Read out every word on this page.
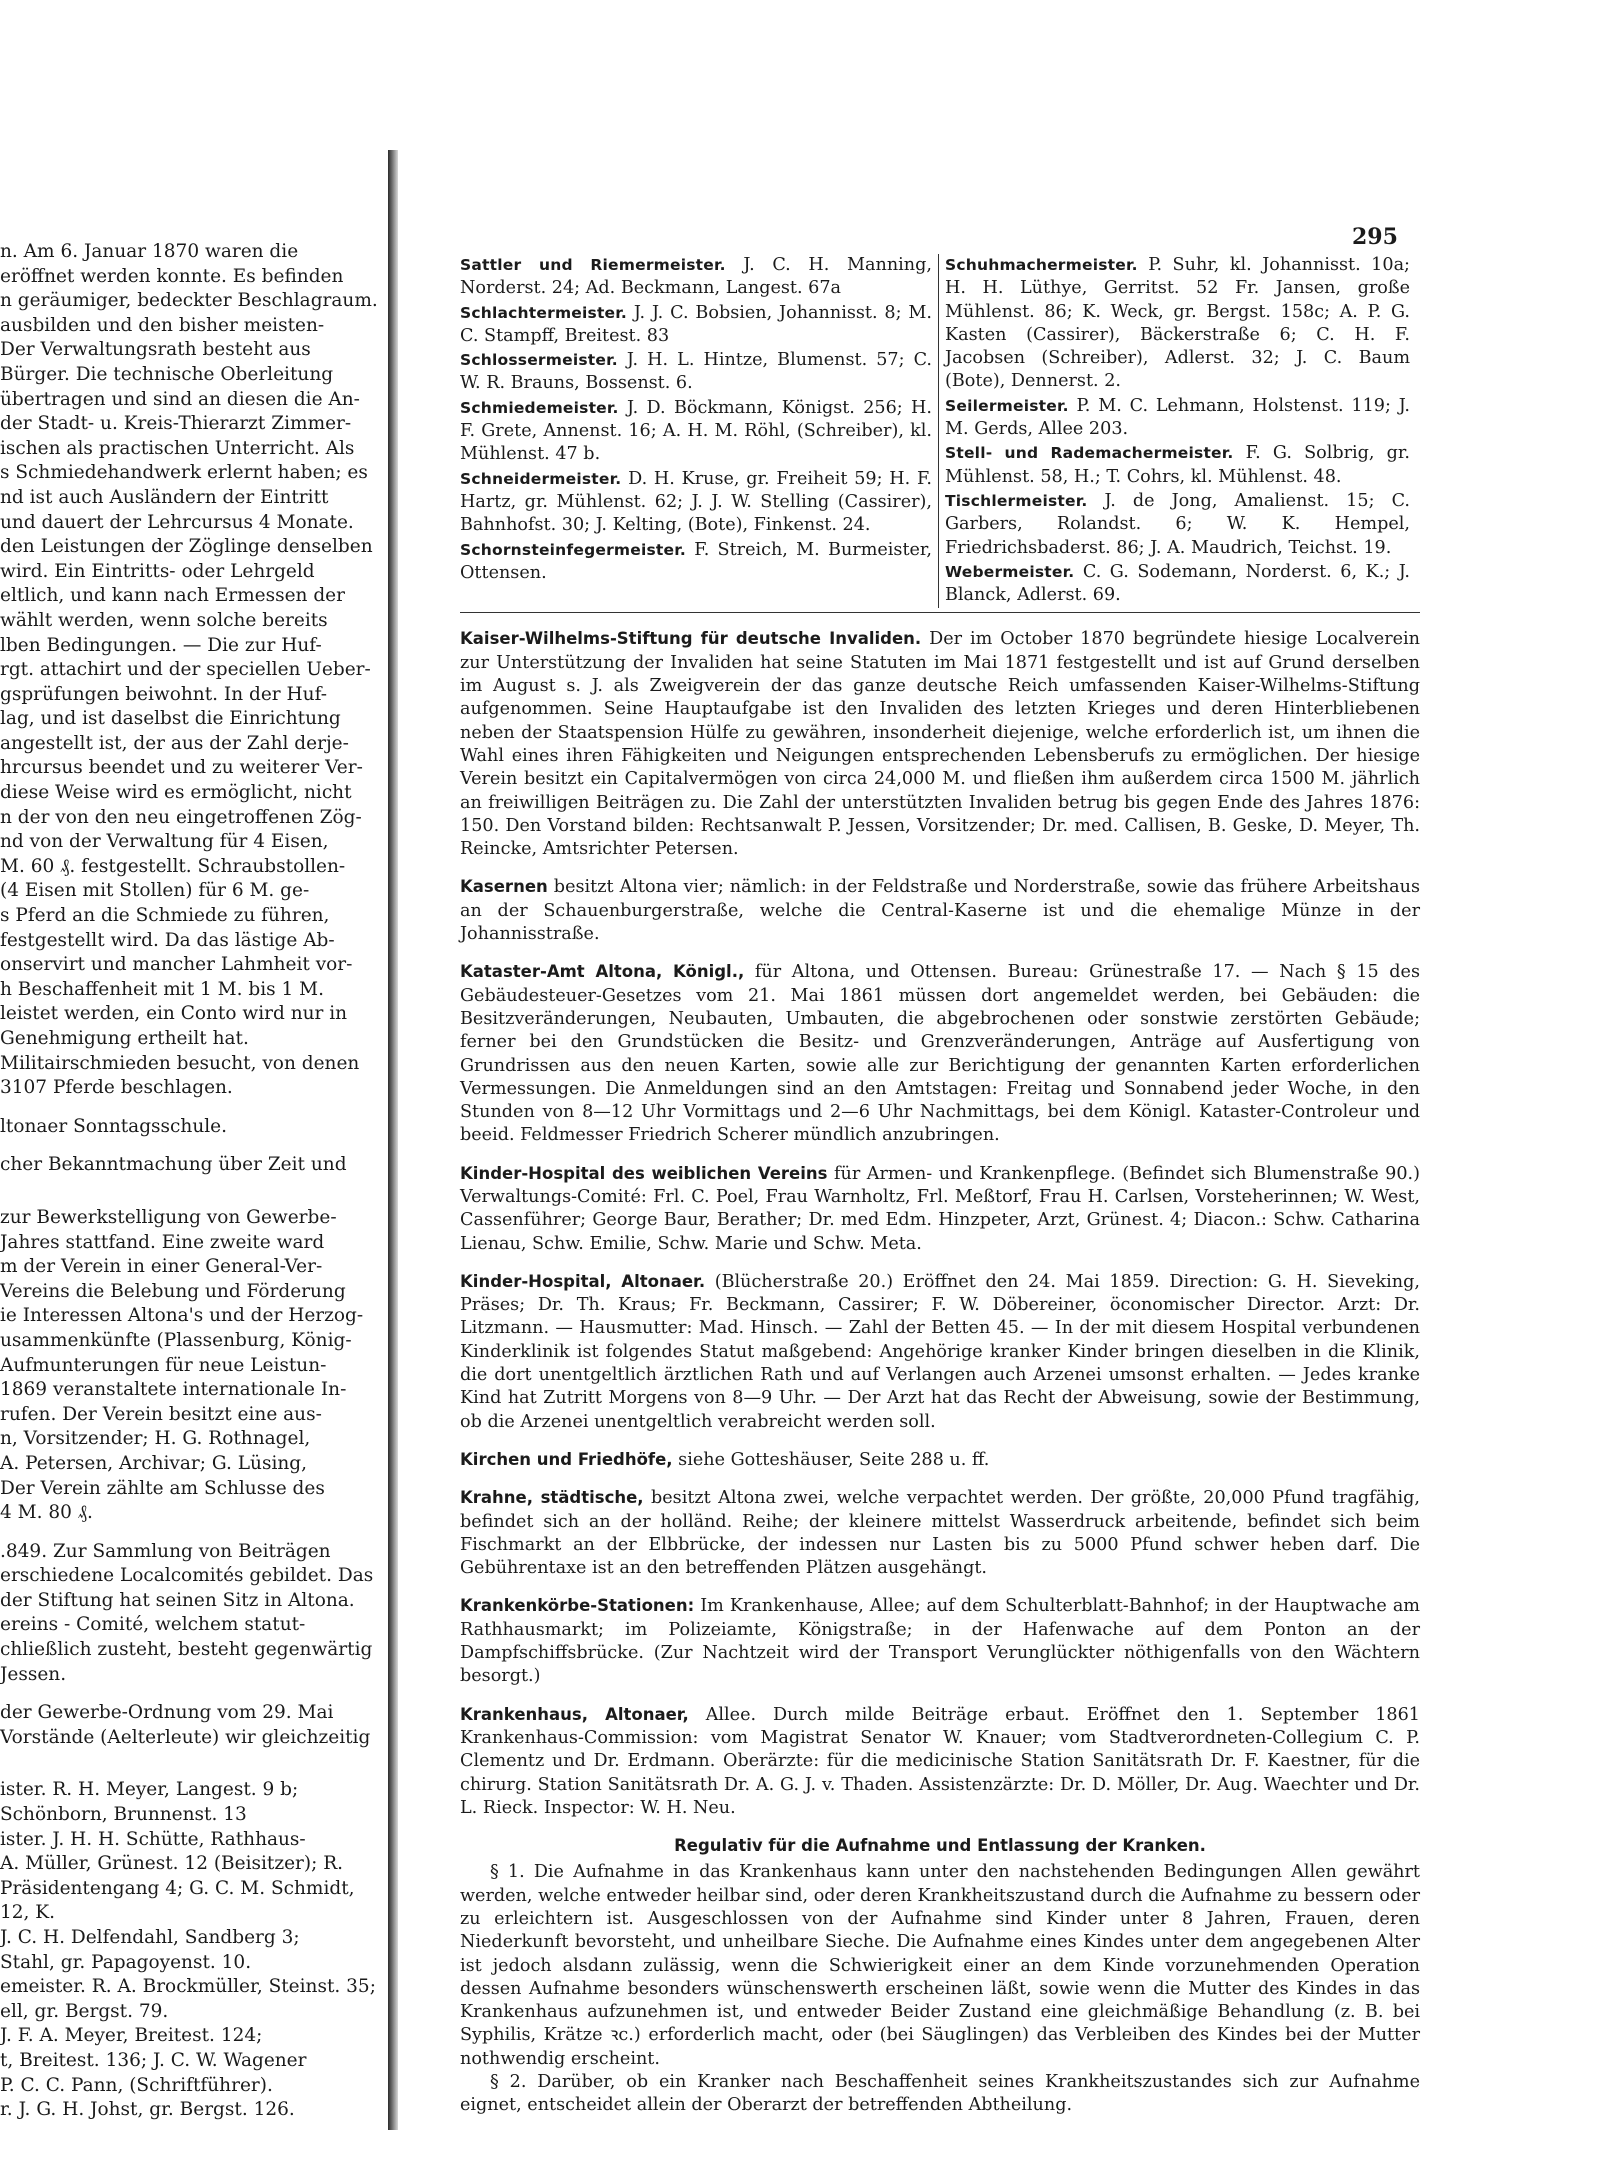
n. Am 6. Januar 1870 waren die
eröffnet werden konnte. Es befinden
n geräumiger, bedeckter Beschlagraum.
ausbilden und den bisher meisten-
Der Verwaltungsrath besteht aus
Bürger. Die technische Oberleitung
übertragen und sind an diesen die An-
der Stadt- u. Kreis-Thierarzt Zimmer-
ischen als practischen Unterricht. Als
s Schmiedehandwerk erlernt haben; es
nd ist auch Ausländern der Eintritt
und dauert der Lehrcursus 4 Monate.
den Leistungen der Zöglinge denselben
wird. Ein Eintritts- oder Lehrgeld
eltlich, und kann nach Ermessen der
wählt werden, wenn solche bereits
lben Bedingungen. — Die zur Huf-
rgt. attachirt und der speciellen Ueber-
gsprüfungen beiwohnt. In der Huf-
lag, und ist daselbst die Einrichtung
angestellt ist, der aus der Zahl derje-
hrcursus beendet und zu weiterer Ver-
diese Weise wird es ermöglicht, nicht
n der von den neu eingetroffenen Zög-
nd von der Verwaltung für 4 Eisen,
M. 60 ₰. festgestellt. Schraubstollen-
(4 Eisen mit Stollen) für 6 M. ge-
s Pferd an die Schmiede zu führen,
festgestellt wird. Da das lästige Ab-
onservirt und mancher Lahmheit vor-
h Beschaffenheit mit 1 M. bis 1 M.
leistet werden, ein Conto wird nur in
Genehmigung ertheilt hat.
Militairschmieden besucht, von denen
3107 Pferde beschlagen.
ltonaer Sonntagsschule.
cher Bekanntmachung über Zeit und
zur Bewerkstelligung von Gewerbe-
Jahres stattfand. Eine zweite ward
m der Verein in einer General-Ver-
Vereins die Belebung und Förderung
ie Interessen Altona's und der Herzog-
usammenkünfte (Plassenburg, König-
Aufmunterungen für neue Leistun-
1869 veranstaltete internationale In-
rufen. Der Verein besitzt eine aus-
n, Vorsitzender; H. G. Rothnagel,
A. Petersen, Archivar; G. Lüsing,
Der Verein zählte am Schlusse des
4 M. 80 ₰.
.849. Zur Sammlung von Beiträgen
erschiedene Localcomités gebildet. Das
der Stiftung hat seinen Sitz in Altona.
ereins - Comité, welchem statut-
chließlich zusteht, besteht gegenwärtig
Jessen.
der Gewerbe-Ordnung vom 29. Mai
Vorstände (Aelterleute) wir gleichzeitig
ister. R. H. Meyer, Langest. 9 b;
Schönborn, Brunnenst. 13
ister. J. H. H. Schütte, Rathhaus-
A. Müller, Grünest. 12 (Beisitzer); R.
Präsidentengang 4; G. C. M. Schmidt,
12, K.
J. C. H. Delfendahl, Sandberg 3;
Stahl, gr. Papagoyenst. 10.
emeister. R. A. Brockmüller, Steinst. 35;
ell, gr. Bergst. 79.
J. F. A. Meyer, Breitest. 124;
t, Breitest. 136; J. C. W. Wagener
P. C. C. Pann, (Schriftführer).
r. J. G. H. Johst, gr. Bergst. 126.
295
Sattler und Riemermeister. J. C. H. Manning, Norderst. 24; Ad. Beckmann, Langest. 67a
Schlachtermeister. J. J. C. Bobsien, Johannisst. 8; M. C. Stampff, Breitest. 83
Schlossermeister. J. H. L. Hintze, Blumenst. 57; C. W. R. Brauns, Bossenst. 6.
Schmiedemeister. J. D. Böckmann, Königst. 256; H. F. Grete, Annenst. 16; A. H. M. Röhl, (Schreiber), kl. Mühlenst. 47 b.
Schneidermeister. D. H. Kruse, gr. Freiheit 59; H. F. Hartz, gr. Mühlenst. 62; J. J. W. Stelling (Cassirer), Bahnhofst. 30; J. Kelting, (Bote), Finkenst. 24.
Schornsteinfegermeister. F. Streich, M. Burmeister, Ottensen.
Schuhmachermeister. P. Suhr, kl. Johannisst. 10a; H. H. Lüthye, Gerritst. 52 Fr. Jansen, große Mühlenst. 86; K. Weck, gr. Bergst. 158c; A. P. G. Kasten (Cassirer), Bäckerstraße 6; C. H. F. Jacobsen (Schreiber), Adlerst. 32; J. C. Baum (Bote), Dennerst. 2.
Seilermeister. P. M. C. Lehmann, Holstenst. 119; J. M. Gerds, Allee 203.
Stell- und Rademachermeister. F. G. Solbrig, gr. Mühlenst. 58, H.; T. Cohrs, kl. Mühlenst. 48.
Tischlermeister. J. de Jong, Amalienst. 15; C. Garbers, Rolandst. 6; W. K. Hempel, Friedrichsbaderst. 86; J. A. Maudrich, Teichst. 19.
Webermeister. C. G. Sodemann, Norderst. 6, K.; J. Blanck, Adlerst. 69.
Kaiser-Wilhelms-Stiftung für deutsche Invaliden. Der im October 1870 begründete hiesige Localverein zur Unterstützung der Invaliden hat seine Statuten im Mai 1871 festgestellt und ist auf Grund derselben im August s. J. als Zweigverein der das ganze deutsche Reich umfassenden Kaiser-Wilhelms-Stiftung aufgenommen. Seine Hauptaufgabe ist den Invaliden des letzten Krieges und deren Hinterbliebenen neben der Staatspension Hülfe zu gewähren, insonderheit diejenige, welche erforderlich ist, um ihnen die Wahl eines ihren Fähigkeiten und Neigungen entsprechenden Lebensberufs zu ermöglichen. Der hiesige Verein besitzt ein Capitalvermögen von circa 24,000 M. und fließen ihm außerdem circa 1500 M. jährlich an freiwilligen Beiträgen zu. Die Zahl der unterstützten Invaliden betrug bis gegen Ende des Jahres 1876: 150. Den Vorstand bilden: Rechtsanwalt P. Jessen, Vorsitzender; Dr. med. Callisen, B. Geske, D. Meyer, Th. Reincke, Amtsrichter Petersen.
Kasernen besitzt Altona vier; nämlich: in der Feldstraße und Norderstraße, sowie das frühere Arbeitshaus an der Schauenburgerstraße, welche die Central-Kaserne ist und die ehemalige Münze in der Johannisstraße.
Kataster-Amt Altona, Königl., für Altona, und Ottensen. Bureau: Grünestraße 17. — Nach § 15 des Gebäudesteuer-Gesetzes vom 21. Mai 1861 müssen dort angemeldet werden, bei Gebäuden: die Besitzveränderungen, Neubauten, Umbauten, die abgebrochenen oder sonstwie zerstörten Gebäude; ferner bei den Grundstücken die Besitz- und Grenzveränderungen, Anträge auf Ausfertigung von Grundrissen aus den neuen Karten, sowie alle zur Berichtigung der genannten Karten erforderlichen Vermessungen. Die Anmeldungen sind an den Amtstagen: Freitag und Sonnabend jeder Woche, in den Stunden von 8—12 Uhr Vormittags und 2—6 Uhr Nachmittags, bei dem Königl. Kataster-Controleur und beeid. Feldmesser Friedrich Scherer mündlich anzubringen.
Kinder-Hospital des weiblichen Vereins für Armen- und Krankenpflege. (Befindet sich Blumenstraße 90.) Verwaltungs-Comité: Frl. C. Poel, Frau Warnholtz, Frl. Meßtorf, Frau H. Carlsen, Vorsteherinnen; W. West, Cassenführer; George Baur, Berather; Dr. med Edm. Hinzpeter, Arzt, Grünest. 4; Diacon.: Schw. Catharina Lienau, Schw. Emilie, Schw. Marie und Schw. Meta.
Kinder-Hospital, Altonaer. (Blücherstraße 20.) Eröffnet den 24. Mai 1859. Direction: G. H. Sieveking, Präses; Dr. Th. Kraus; Fr. Beckmann, Cassirer; F. W. Döbereiner, öconomischer Director. Arzt: Dr. Litzmann. — Hausmutter: Mad. Hinsch. — Zahl der Betten 45. — In der mit diesem Hospital verbundenen Kinderklinik ist folgendes Statut maßgebend: Angehörige kranker Kinder bringen dieselben in die Klinik, die dort unentgeltlich ärztlichen Rath und auf Verlangen auch Arzenei umsonst erhalten. — Jedes kranke Kind hat Zutritt Morgens von 8—9 Uhr. — Der Arzt hat das Recht der Abweisung, sowie der Bestimmung, ob die Arzenei unentgeltlich verabreicht werden soll.
Kirchen und Friedhöfe, siehe Gotteshäuser, Seite 288 u. ff.
Krahne, städtische, besitzt Altona zwei, welche verpachtet werden. Der größte, 20,000 Pfund tragfähig, befindet sich an der holländ. Reihe; der kleinere mittelst Wasserdruck arbeitende, befindet sich beim Fischmarkt an der Elbbrücke, der indessen nur Lasten bis zu 5000 Pfund schwer heben darf. Die Gebührentaxe ist an den betreffenden Plätzen ausgehängt.
Krankenkörbe-Stationen: Im Krankenhause, Allee; auf dem Schulterblatt-Bahnhof; in der Hauptwache am Rathhausmarkt; im Polizeiamte, Königstraße; in der Hafenwache auf dem Ponton an der Dampfschiffsbrücke. (Zur Nachtzeit wird der Transport Verunglückter nöthigenfalls von den Wächtern besorgt.)
Krankenhaus, Altonaer, Allee. Durch milde Beiträge erbaut. Eröffnet den 1. September 1861 Krankenhaus-Commission: vom Magistrat Senator W. Knauer; vom Stadtverordneten-Collegium C. P. Clementz und Dr. Erdmann. Oberärzte: für die medicinische Station Sanitätsrath Dr. F. Kaestner, für die chirurg. Station Sanitätsrath Dr. A. G. J. v. Thaden. Assistenzärzte: Dr. D. Möller, Dr. Aug. Waechter und Dr. L. Rieck. Inspector: W. H. Neu.
Regulativ für die Aufnahme und Entlassung der Kranken.

§ 1. Die Aufnahme in das Krankenhaus kann unter den nachstehenden Bedingungen Allen gewährt werden, welche entweder heilbar sind, oder deren Krankheitszustand durch die Aufnahme zu bessern oder zu erleichtern ist. Ausgeschlossen von der Aufnahme sind Kinder unter 8 Jahren, Frauen, deren Niederkunft bevorsteht, und unheilbare Sieche. Die Aufnahme eines Kindes unter dem angegebenen Alter ist jedoch alsdann zulässig, wenn die Schwierigkeit einer an dem Kinde vorzunehmenden Operation dessen Aufnahme besonders wünschenswerth erscheinen läßt, sowie wenn die Mutter des Kindes in das Krankenhaus aufzunehmen ist, und entweder Beider Zustand eine gleichmäßige Behandlung (z. B. bei Syphilis, Krätze ꝛc.) erforderlich macht, oder (bei Säuglingen) das Verbleiben des Kindes bei der Mutter nothwendig erscheint.

§ 2. Darüber, ob ein Kranker nach Beschaffenheit seines Krankheitszustandes sich zur Aufnahme eignet, entscheidet allein der Oberarzt der betreffenden Abtheilung.
